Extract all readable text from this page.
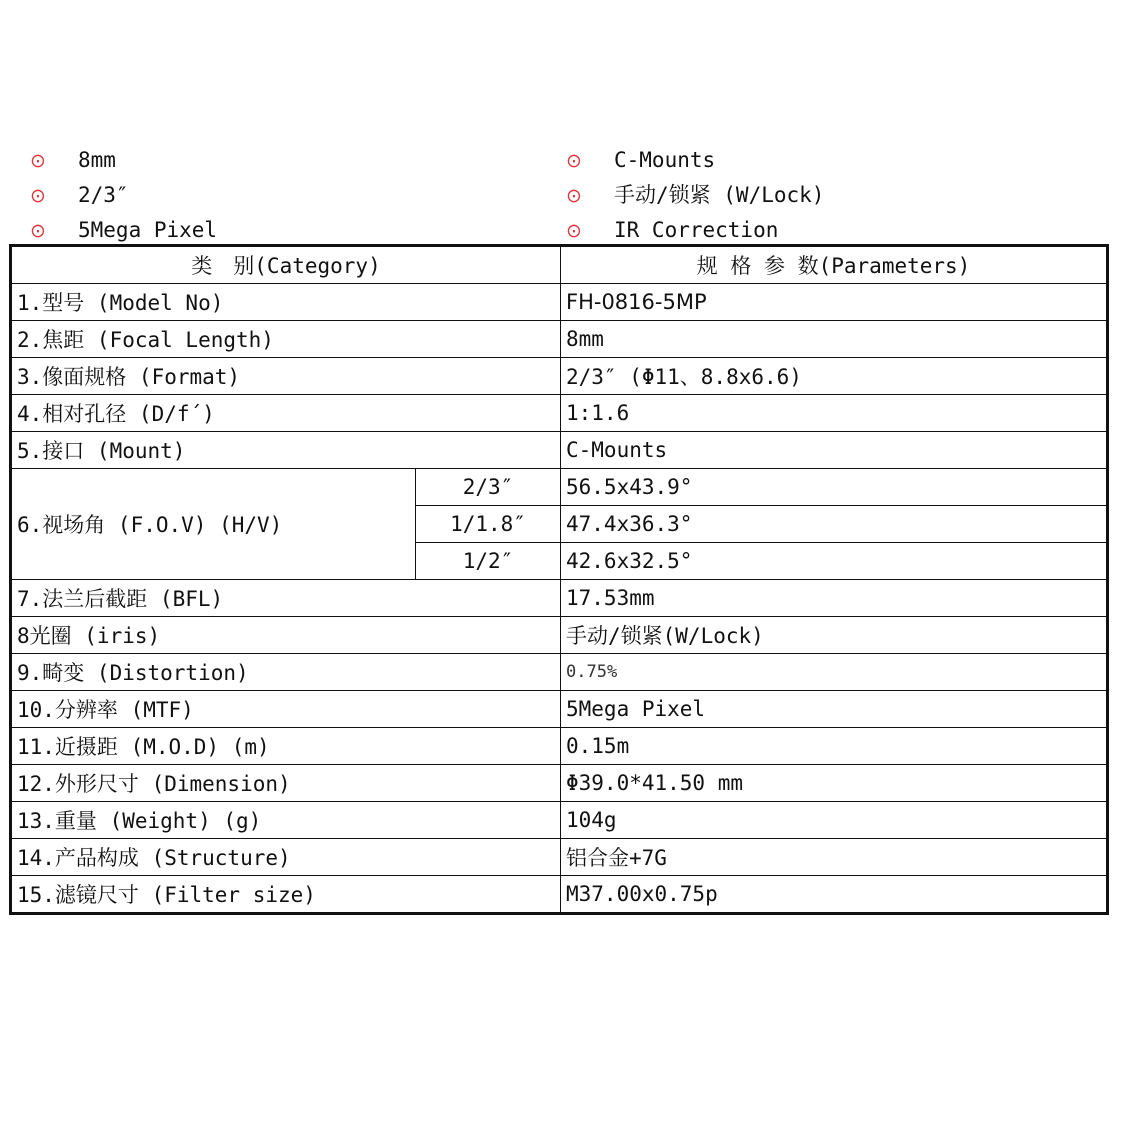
⊙ 8mm
⊙ 2/3″
⊙ 5Mega Pixel
⊙ C-Mounts
⊙ 手动/锁紧 (W/Lock)
⊙ IR Correction
类　别(Category)		规 格 参 数(Parameters)
1.型号 (Model No)		FH-0816-5MP
2.焦距 (Focal Length)		8mm
3.像面规格 (Format)		2/3″ (Φ11、8.8x6.6)
4.相对孔径 (D/f´)		1:1.6
5.接口 (Mount)		C-Mounts
6.视场角 (F.O.V) (H/V)	2/3″	56.5x43.9°
	1/1.8″	47.4x36.3°
	1/2″	42.6x32.5°
7.法兰后截距 (BFL)		17.53mm
8光圈 (iris)		手动/锁紧(W/Lock)
9.畸变 (Distortion)		0.75%
10.分辨率 (MTF)		5Mega Pixel
11.近摄距 (M.O.D) (m)		0.15m
12.外形尺寸 (Dimension)		Φ39.0*41.50 mm
13.重量 (Weight) (g)		104g
14.产品构成 (Structure)		铝合金+7G
15.滤镜尺寸 (Filter size)		M37.00x0.75p
